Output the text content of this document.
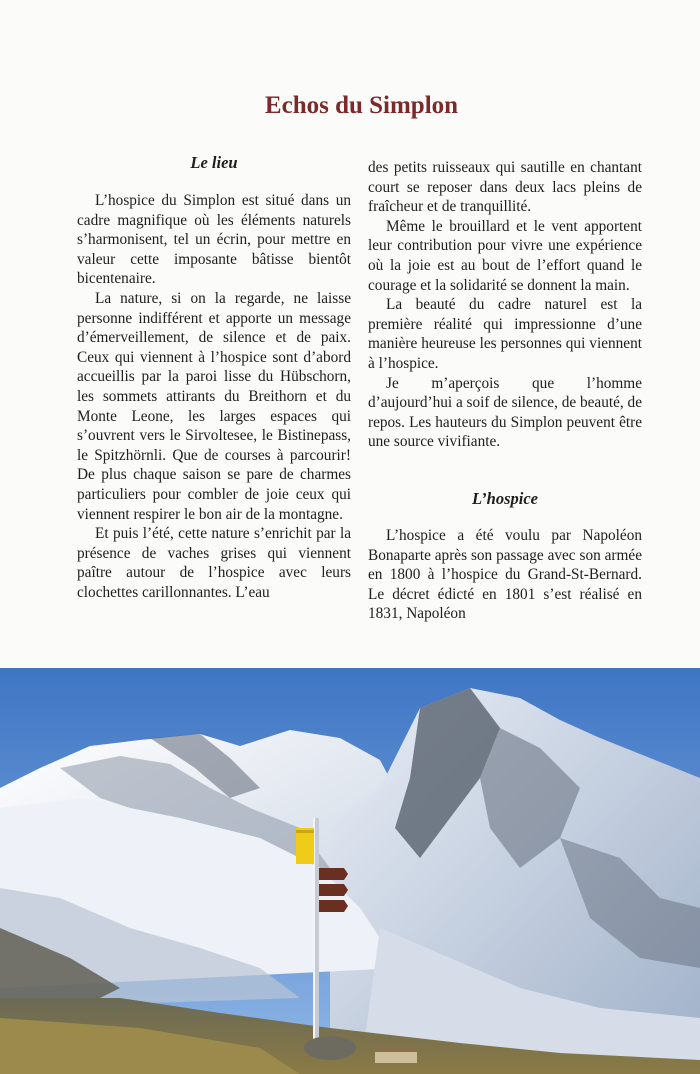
Echos du Simplon
Le lieu

L’hospice du Simplon est situé dans un cadre magnifique où les éléments naturels s’harmonisent, tel un écrin, pour mettre en valeur cette imposante bâtisse bientôt bicentenaire.

La nature, si on la regarde, ne laisse personne indifférent et apporte un message d’émerveillement, de silence et de paix. Ceux qui viennent à l’hospice sont d’abord accueillis par la paroi lisse du Hübschorn, les sommets attirants du Breithorn et du Monte Leone, les larges espaces qui s’ouvrent vers le Sirvoltesee, le Bistinepass, le Spitzhörnli. Que de courses à parcourir! De plus chaque saison se pare de charmes particuliers pour combler de joie ceux qui viennent respirer le bon air de la montagne.

Et puis l’été, cette nature s’enrichit par la présence de vaches grises qui viennent paître autour de l’hospice avec leurs clochettes carillonnantes. L’eau

des petits ruisseaux qui sautille en chantant court se reposer dans deux lacs pleins de fraîcheur et de tranquillité.

Même le brouillard et le vent apportent leur contribution pour vivre une expérience où la joie est au bout de l’effort quand le courage et la solidarité se donnent la main.

La beauté du cadre naturel est la première réalité qui impressionne d’une manière heureuse les personnes qui viennent à l’hospice.

Je m’aperçois que l’homme d’aujourd’hui a soif de silence, de beauté, de repos. Les hauteurs du Simplon peuvent être une source vivifiante.

L’hospice

L’hospice a été voulu par Napoléon Bonaparte après son passage avec son armée en 1800 à l’hospice du Grand-St-Bernard. Le décret édicté en 1801 s’est réalisé en 1831, Napoléon
